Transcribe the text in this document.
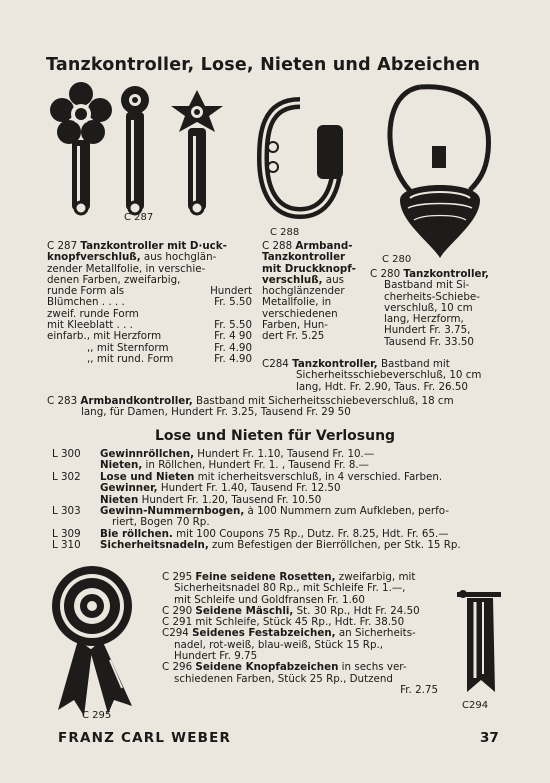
Tanzkontroller, Lose, Nieten und Abzeichen
C 287
C 288
C 280
C 287 Tanzkontroller mit D·uck-
knopfverschluß, aus hochglän-
zender Metallfolie, in verschie-
denen Farben, zweifarbig,
runde Form als	Hundert
Blümchen . . . .	Fr. 5.50
zweif. runde Form
mit Kleeblatt . . .	Fr. 5.50
einfarb., mit Herzform	Fr. 4 90
,, mit Sternform	Fr. 4.90
,, mit rund. Form	Fr. 4.90
C 288 Armband-
Tanzkontroller
mit Druckknopf-
verschluß, aus
hochglänzender
Metallfolie, in
verschiedenen
Farben, Hun-
dert Fr. 5.25
C 280 Tanzkontroller,
Bastband mit Si-
cherheits-Schiebe-
verschluß, 10 cm
lang, Herzform,
Hundert Fr. 3.75,
Tausend Fr. 33.50
C284 Tanzkontroller, Bastband mit
Sicherheitsschiebeverschluß, 10 cm
lang, Hdt. Fr. 2.90, Taus. Fr. 26.50
C 283 Armbandkontroller, Bastband mit Sicherheitsschiebeverschluß, 18 cm
lang, für Damen, Hundert Fr. 3.25, Tausend Fr. 29 50
Lose und Nieten für Verlosung
L 300	Gewinnröllchen, Hundert Fr. 1.10, Tausend Fr. 10.—
Nieten, in Röllchen, Hundert Fr. 1. , Tausend Fr. 8.—
L 302	Lose und Nieten mit icherheitsverschluß, in 4 verschied. Farben.
Gewinner, Hundert Fr. 1.40, Tausend Fr. 12.50
Nieten Hundert Fr. 1.20, Tausend Fr. 10.50
L 303	Gewinn-Nummernbogen, à 100 Nummern zum Aufkleben, perfo-
riert, Bogen 70 Rp.
L 309	Bie röllchen. mit 100 Coupons 75 Rp., Dutz. Fr. 8.25, Hdt. Fr. 65.—
L 310	Sicherheitsnadeln, zum Befestigen der Bierröllchen, per Stk. 15 Rp.
C 295
C294
C 295 Feine seidene Rosetten, zweifarbig, mit
Sicherheitsnadel 80 Rp., mit Schleife Fr. 1.—,
mit Schleife und Goldfransen Fr. 1.60
C 290 Seidene Mäschli, St. 30 Rp., Hdt Fr. 24.50
C 291 mit Schleife, Stück 45 Rp., Hdt. Fr. 38.50
C294 Seidenes Festabzeichen, an Sicherheits-
nadel, rot-weiß, blau-weiß, Stück 15 Rp.,
Hundert Fr. 9.75
C 296 Seidene Knopfabzeichen in sechs ver-
schiedenen Farben, Stück 25 Rp., Dutzend
Fr. 2.75
FRANZ CARL WEBER	37
